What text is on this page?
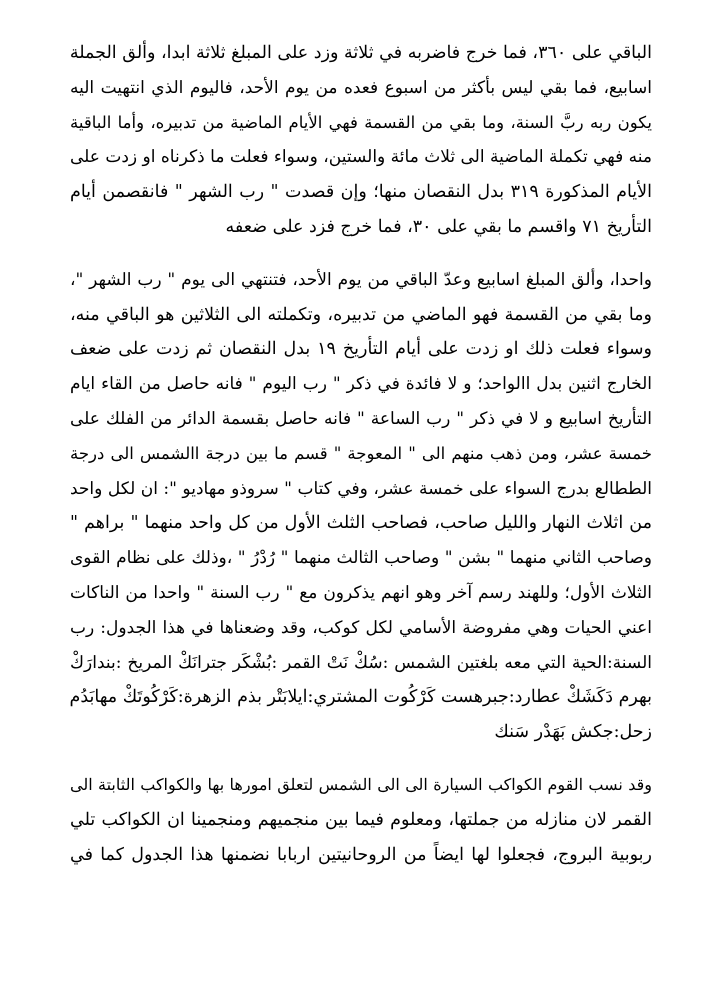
الباقي على ٣٦٠، فما خرج فاضربه في ثلاثة وزد على المبلغ ثلاثة ابدا، وألق الجملة
اسابيع، فما بقي ليس بأكثر من اسبوع فعده من يوم الأحد، فاليوم الذي انتهيت اليه
يكون ربه ربَّ السنة، وما بقي من القسمة فهي الأيام الماضية من تدبيره، وأما الباقية
منه فهي تكملة الماضية الى ثلاث مائة والستين، وسواء فعلت ما ذكرناه او زدت على
الأيام المذكورة ٣١٩ بدل النقصان منها؛ وإن قصدت " رب الشهر " فانقصمن أيام
التأريخ ٧١ واقسم ما بقي على ٣٠، فما خرج فزد على ضعفه
واحدا، وألق المبلغ اسابيع وعدّ الباقي من يوم الأحد، فتنتهي الى يوم " رب الشهر "،
وما بقي من القسمة فهو الماضي من تدبيره، وتكملته الى الثلاثين هو الباقي منه،
وسواء فعلت ذلك او زدت على أيام التأريخ ١٩ بدل النقصان ثم زدت على ضعف
الخارج اثنين بدل االواحد؛ و لا فائدة في ذكر " رب اليوم " فانه حاصل من القاء ايام
التأريخ اسابيع و لا في ذكر " رب الساعة " فانه حاصل بقسمة الدائر من الفلك على
خمسة عشر، ومن ذهب منهم الى " المعوجة " قسم ما بين درجة االشمس الى درجة
الططالع بدرج السواء على خمسة عشر، وفي كتاب " سروذو مهاديو ": ان لكل واحد
من اثلاث النهار والليل صاحب، فصاحب الثلث الأول من كل واحد منهما " براهم "
وصاحب الثاني منهما " بشن " وصاحب الثالث منهما " رُدْرُ " ،وذلك على نظام القوى
الثلاث الأول؛ وللهند رسم آخر وهو انهم يذكرون مع " رب السنة " واحدا من الناكات
اعني الحيات وهي مفروضة الأسامي لكل كوكب، وقد وضعناها في هذا الجدول: رب
السنة:الحية التي معه بلغتين الشمس :سُكْ نَتْ القمر :بُشْكَر جترانَكْ المريخ :بندارَكْ
بهرم دَكَشَكْ عطارد:جبرهست كَرْكُوت المشتري:ايلابَتْر بذم الزهرة:كَرْكُوتَكْ مهابَدُم
زحل:جكش بَهَدْر سَنك
وقد نسب القوم الكواكب السيارة الى الى الشمس لتعلق امورها بها والكواكب الثابتة الى
القمر لان منازله من جملتها، ومعلوم فيما بين منجميهم ومنجمينا ان الكواكب تلي
ربوبية البروج، فجعلوا لها ايضاً من الروحانيتين اربابا نضمنها هذا الجدول كما في
